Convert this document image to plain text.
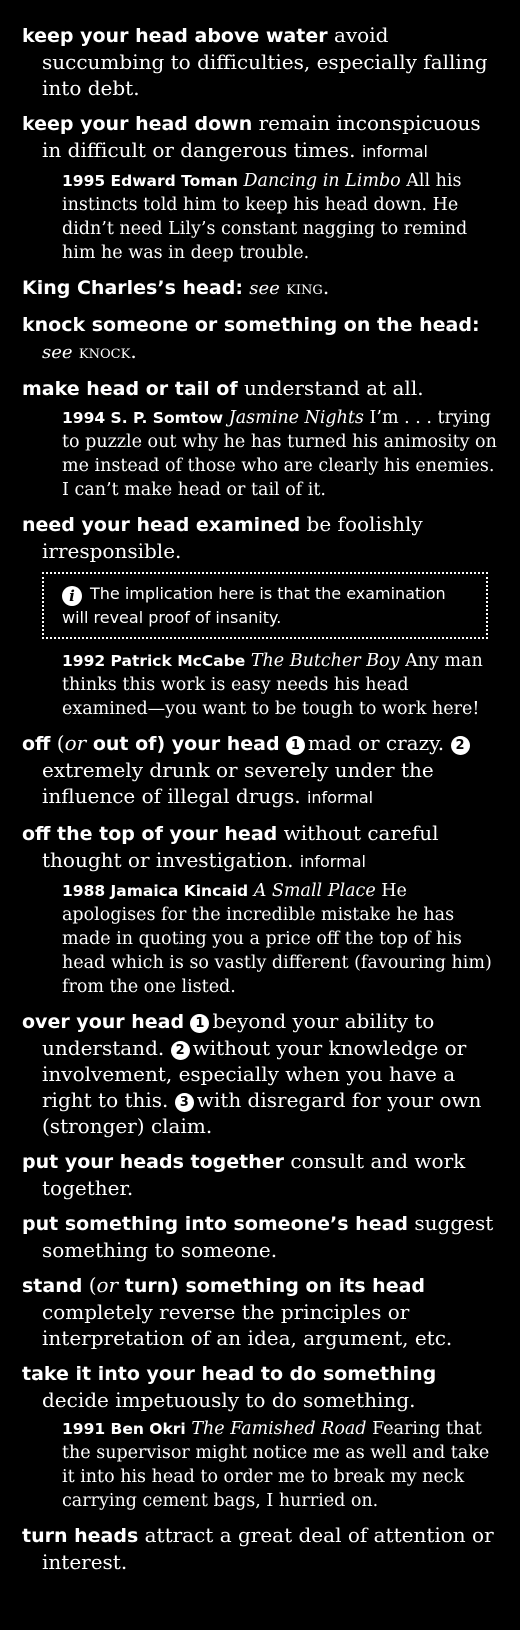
keep your head above water avoid succumbing to difficulties, especially falling into debt.
keep your head down remain inconspicuous in difficult or dangerous times. informal
1995 Edward Toman Dancing in Limbo All his instincts told him to keep his head down. He didn’t need Lily’s constant nagging to remind him he was in deep trouble.
King Charles’s head: see king.
knock someone or something on the head: see knock.
make head or tail of understand at all.
1994 S. P. Somtow Jasmine Nights I’m . . . trying to puzzle out why he has turned his animosity on me instead of those who are clearly his enemies. I can’t make head or tail of it.
need your head examined be foolishly irresponsible.
i The implication here is that the examination will reveal proof of insanity.
1992 Patrick McCabe The Butcher Boy Any man thinks this work is easy needs his head examined—you want to be tough to work here!
off (or out of) your head 1 mad or crazy. 2extremely drunk or severely under the influence of illegal drugs. informal
off the top of your head without careful thought or investigation. informal
1988 Jamaica Kincaid A Small Place He apologises for the incredible mistake he has made in quoting you a price off the top of his head which is so vastly different (favouring him) from the one listed.
over your head 1 beyond your ability to understand. 2 without your knowledge or involvement, especially when you have a right to this. 3 with disregard for your own (stronger) claim.
put your heads together consult and work together.
put something into someone’s head suggest something to someone.
stand (or turn) something on its head completely reverse the principles or interpretation of an idea, argument, etc.
take it into your head to do something decide impetuously to do something.
1991 Ben Okri The Famished Road Fearing that the supervisor might notice me as well and take it into his head to order me to break my neck carrying cement bags, I hurried on.
turn heads attract a great deal of attention or interest.
